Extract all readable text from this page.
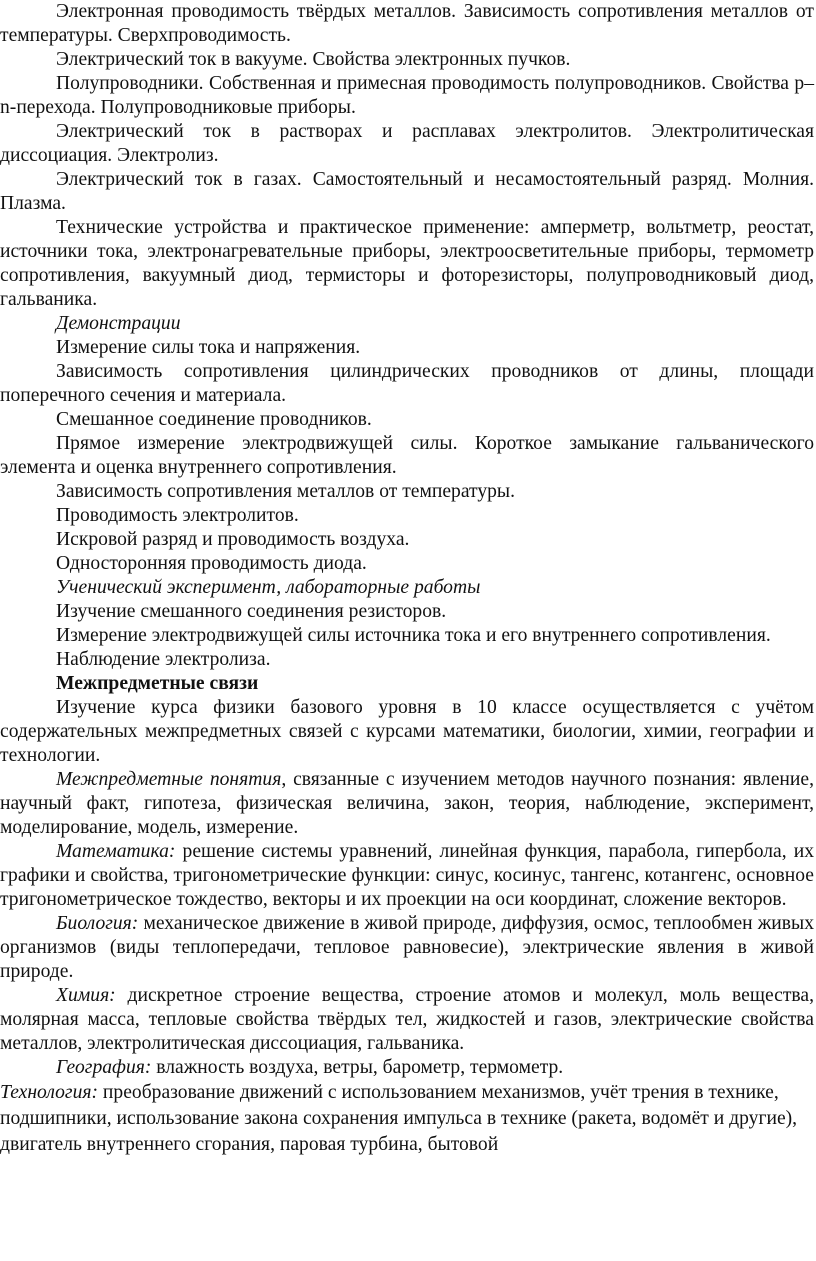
Электронная проводимость твёрдых металлов. Зависимость сопротивления металлов от температуры. Сверхпроводимость.

Электрический ток в вакууме. Свойства электронных пучков.

Полупроводники. Собственная и примесная проводимость полупроводников. Свойства p–n-перехода. Полупроводниковые приборы.

Электрический ток в растворах и расплавах электролитов. Электролитическая диссоциация. Электролиз.

Электрический ток в газах. Самостоятельный и несамостоятельный разряд. Молния. Плазма.

Технические устройства и практическое применение: амперметр, вольтметр, реостат, источники тока, электронагревательные приборы, электроосветительные приборы, термометр сопротивления, вакуумный диод, термисторы и фоторезисторы, полупроводниковый диод, гальваника.

Демонстрации

Измерение силы тока и напряжения.

Зависимость сопротивления цилиндрических проводников от длины, площади поперечного сечения и материала.

Смешанное соединение проводников.

Прямое измерение электродвижущей силы. Короткое замыкание гальванического элемента и оценка внутреннего сопротивления.

Зависимость сопротивления металлов от температуры.

Проводимость электролитов.

Искровой разряд и проводимость воздуха.

Односторонняя проводимость диода.

Ученический эксперимент, лабораторные работы

Изучение смешанного соединения резисторов.

Измерение электродвижущей силы источника тока и его внутреннего сопротивления.

Наблюдение электролиза.

Межпредметные связи

Изучение курса физики базового уровня в 10 классе осуществляется с учётом содержательных межпредметных связей с курсами математики, биологии, химии, географии и технологии.

Межпредметные понятия, связанные с изучением методов научного познания: явление, научный факт, гипотеза, физическая величина, закон, теория, наблюдение, эксперимент, моделирование, модель, измерение.

Математика: решение системы уравнений, линейная функция, парабола, гипербола, их графики и свойства, тригонометрические функции: синус, косинус, тангенс, котангенс, основное тригонометрическое тождество, векторы и их проекции на оси координат, сложение векторов.

Биология: механическое движение в живой природе, диффузия, осмос, теплообмен живых организмов (виды теплопередачи, тепловое равновесие), электрические явления в живой природе.

Химия: дискретное строение вещества, строение атомов и молекул, моль вещества, молярная масса, тепловые свойства твёрдых тел, жидкостей и газов, электрические свойства металлов, электролитическая диссоциация, гальваника.

География: влажность воздуха, ветры, барометр, термометр.

Технология: преобразование движений с использованием механизмов, учёт трения в технике, подшипники, использование закона сохранения импульса в технике (ракета, водомёт и другие), двигатель внутреннего сгорания, паровая турбина, бытовой
